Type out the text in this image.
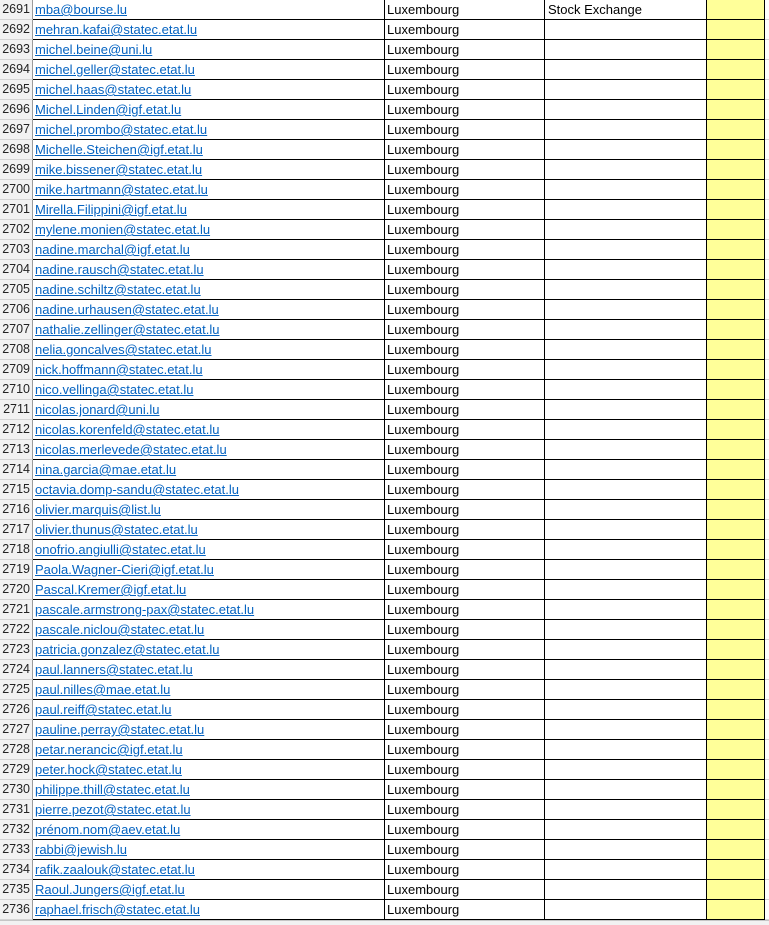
2691 mba@bourse.lu	Luxembourg	Stock Exchange
2692 mehran.kafai@statec.etat.lu	Luxembourg
2693 michel.beine@uni.lu	Luxembourg
2694 michel.geller@statec.etat.lu	Luxembourg
2695 michel.haas@statec.etat.lu	Luxembourg
2696 Michel.Linden@igf.etat.lu	Luxembourg
2697 michel.prombo@statec.etat.lu	Luxembourg
2698 Michelle.Steichen@igf.etat.lu	Luxembourg
2699 mike.bissener@statec.etat.lu	Luxembourg
2700 mike.hartmann@statec.etat.lu	Luxembourg
2701 Mirella.Filippini@igf.etat.lu	Luxembourg
2702 mylene.monien@statec.etat.lu	Luxembourg
2703 nadine.marchal@igf.etat.lu	Luxembourg
2704 nadine.rausch@statec.etat.lu	Luxembourg
2705 nadine.schiltz@statec.etat.lu	Luxembourg
2706 nadine.urhausen@statec.etat.lu	Luxembourg
2707 nathalie.zellinger@statec.etat.lu	Luxembourg
2708 nelia.goncalves@statec.etat.lu	Luxembourg
2709 nick.hoffmann@statec.etat.lu	Luxembourg
2710 nico.vellinga@statec.etat.lu	Luxembourg
2711 nicolas.jonard@uni.lu	Luxembourg
2712 nicolas.korenfeld@statec.etat.lu	Luxembourg
2713 nicolas.merlevede@statec.etat.lu	Luxembourg
2714 nina.garcia@mae.etat.lu	Luxembourg
2715 octavia.domp-sandu@statec.etat.lu	Luxembourg
2716 olivier.marquis@list.lu	Luxembourg
2717 olivier.thunus@statec.etat.lu	Luxembourg
2718 onofrio.angiulli@statec.etat.lu	Luxembourg
2719 Paola.Wagner-Cieri@igf.etat.lu	Luxembourg
2720 Pascal.Kremer@igf.etat.lu	Luxembourg
2721 pascale.armstrong-pax@statec.etat.lu	Luxembourg
2722 pascale.niclou@statec.etat.lu	Luxembourg
2723 patricia.gonzalez@statec.etat.lu	Luxembourg
2724 paul.lanners@statec.etat.lu	Luxembourg
2725 paul.nilles@mae.etat.lu	Luxembourg
2726 paul.reiff@statec.etat.lu	Luxembourg
2727 pauline.perray@statec.etat.lu	Luxembourg
2728 petar.nerancic@igf.etat.lu	Luxembourg
2729 peter.hock@statec.etat.lu	Luxembourg
2730 philippe.thill@statec.etat.lu	Luxembourg
2731 pierre.pezot@statec.etat.lu	Luxembourg
2732 prénom.nom@aev.etat.lu	Luxembourg
2733 rabbi@jewish.lu	Luxembourg
2734 rafik.zaalouk@statec.etat.lu	Luxembourg
2735 Raoul.Jungers@igf.etat.lu	Luxembourg
2736 raphael.frisch@statec.etat.lu	Luxembourg
